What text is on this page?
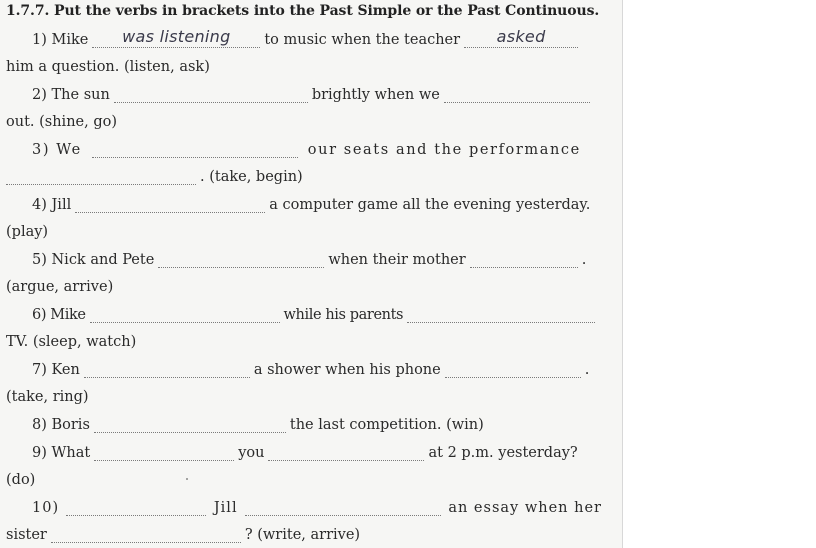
1.7.7. Put the verbs in brackets into the Past Simple or the Past Continuous.
1) Mike	was listening	to music when the teacher	asked
him a question. (listen, ask)
2) The sun	brightly when we
out. (shine, go)
3) We	our seats and the performance
. (take, begin)
4) Jill	a computer game all the evening yesterday.
(play)
5) Nick and Pete	when their mother	.
(argue, arrive)
6) Mike	while his parents
TV. (sleep, watch)
7) Ken	a shower when his phone	.
(take, ring)
8) Boris	the last competition. (win)
9) What	you	at 2 p.m. yesterday?
(do)
10)	Jill	an essay when her
sister	? (write, arrive)
